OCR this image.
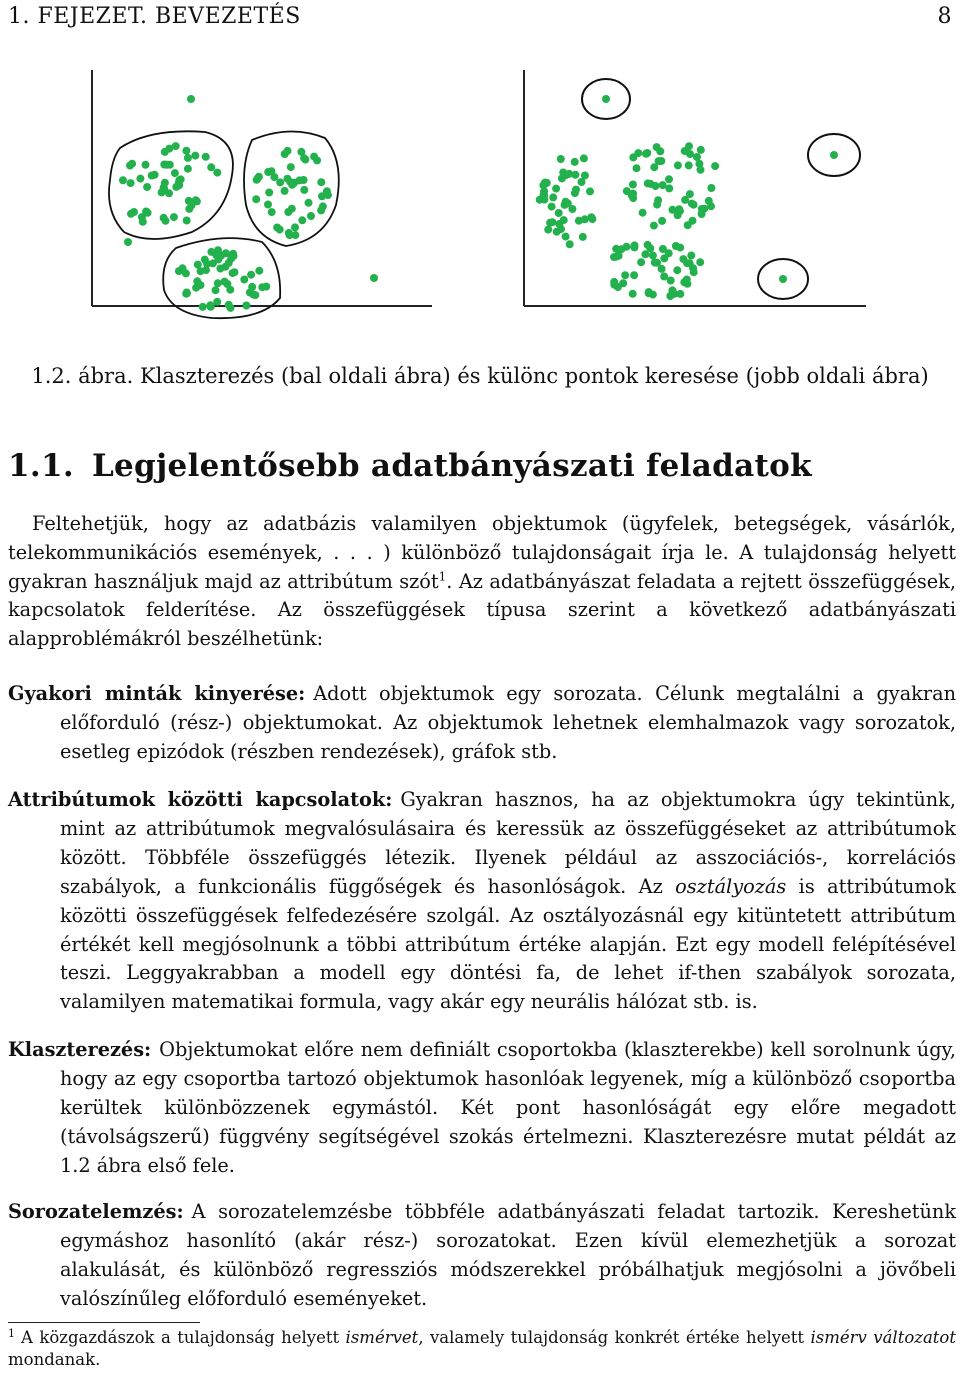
1. FEJEZET. BEVEZETÉS	8
1.2. ábra. Klaszterezés (bal oldali ábra) és különc pontok keresése (jobb oldali ábra)
1.1. Legjelentősebb adatbányászati feladatok
Feltehetjük, hogy az adatbázis valamilyen objektumok (ügyfelek, betegségek, vásárlók, telekommunikációs események, . . . ) különböző tulajdonságait írja le. A tulajdonság helyett gyakran használjuk majd az attribútum szót$^1$. Az adatbányászat feladata a rejtett összefüggések, kapcsolatok felderítése. Az összefüggések típusa szerint a következő adatbányászati alapproblémákról beszélhetünk:
Gyakori minták kinyerése: Adott objektumok egy sorozata. Célunk megtalálni a gyakran előforduló (rész-) objektumokat. Az objektumok lehetnek elemhalmazok vagy sorozatok, esetleg epizódok (részben rendezések), gráfok stb.
Attribútumok közötti kapcsolatok: Gyakran hasznos, ha az objektumokra úgy tekintünk, mint az attribútumok megvalósulásaira és keressük az összefüggéseket az attribútumok között. Többféle összefüggés létezik. Ilyenek például az asszociációs-, korrelációs szabályok, a funkcionális függőségek és hasonlóságok. Az osztályozás is attribútumok közötti összefüggések felfedezésére szolgál. Az osztályozásnál egy kitüntetett attribútum értékét kell megjósolnunk a többi attribútum értéke alapján. Ezt egy modell felépítésével teszi. Leggyakrabban a modell egy döntési fa, de lehet if-then szabályok sorozata, valamilyen matematikai formula, vagy akár egy neurális hálózat stb. is.
Klaszterezés: Objektumokat előre nem definiált csoportokba (klaszterekbe) kell sorolnunk úgy, hogy az egy csoportba tartozó objektumok hasonlóak legyenek, míg a különböző csoportba kerültek különbözzenek egymástól. Két pont hasonlóságát egy előre megadott (távolságszerű) függvény segítségével szokás értelmezni. Klaszterezésre mutat példát az 1.2 ábra első fele.
Sorozatelemzés: A sorozatelemzésbe többféle adatbányászati feladat tartozik. Kereshetünk egymáshoz hasonlító (akár rész-) sorozatokat. Ezen kívül elemezhetjük a sorozat alakulását, és különböző regressziós módszerekkel próbálhatjuk megjósolni a jövőbeli valószínűleg előforduló eseményeket.
$^1$ A közgazdászok a tulajdonság helyett ismérvet, valamely tulajdonság konkrét értéke helyett ismérv változatot mondanak.
